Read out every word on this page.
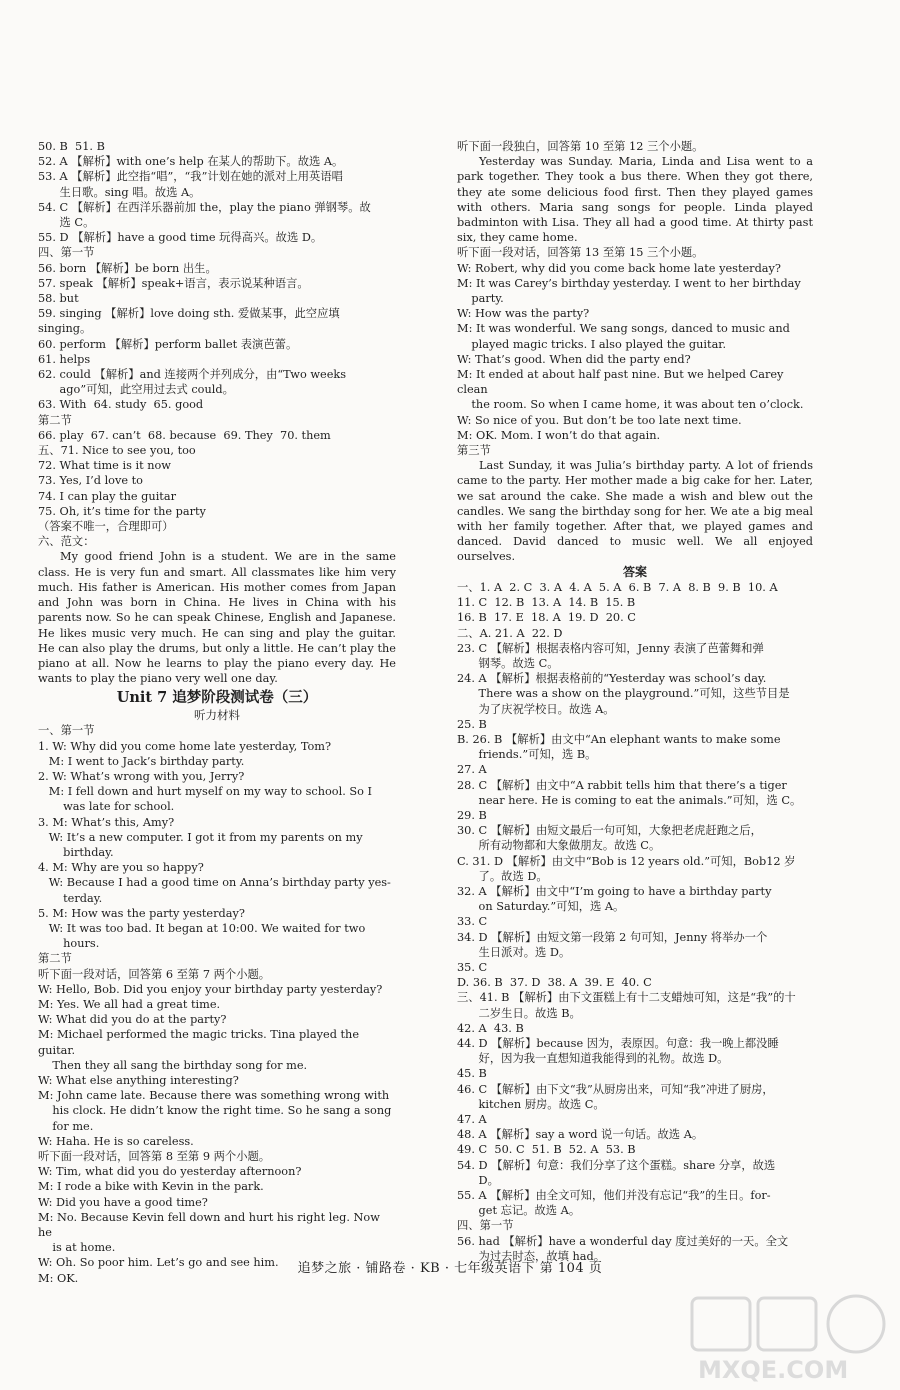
50. B  51. B
52. A 【解析】with one’s help 在某人的帮助下。故选 A。
53. A 【解析】此空指“唱”，“我”计划在她的派对上用英语唱
生日歌。sing 唱。故选 A。
54. C 【解析】在西洋乐器前加 the，play the piano 弹钢琴。故
选 C。
55. D 【解析】have a good time 玩得高兴。故选 D。
四、第一节
56. born 【解析】be born 出生。
57. speak 【解析】speak+语言，表示说某种语言。
58. but
59. singing 【解析】love doing sth. 爱做某事，此空应填 singing。
60. perform 【解析】perform ballet 表演芭蕾。
61. helps
62. could 【解析】and 连接两个并列成分，由“Two weeks
ago”可知，此空用过去式 could。
63. With  64. study  65. good
第二节
66. play  67. can’t  68. because  69. They  70. them
五、71. Nice to see you, too
72. What time is it now
73. Yes, I’d love to
74. I can play the guitar
75. Oh, it’s time for the party
（答案不唯一，合理即可）
六、范文：
My good friend John is a student. We are in the same class. He is very fun and smart. All classmates like him very much. His father is American. His mother comes from Japan and John was born in China. He lives in China with his parents now. So he can speak Chinese, English and Japanese. He likes music very much. He can sing and play the guitar. He can also play the drums, but only a little. He can’t play the piano at all. Now he learns to play the piano every day. He wants to play the piano very well one day.
Unit 7 追梦阶段测试卷（三）
听力材料
一、第一节
1. W: Why did you come home late yesterday, Tom?
M: I went to Jack’s birthday party.
2. W: What’s wrong with you, Jerry?
M: I fell down and hurt myself on my way to school. So I
was late for school.
3. M: What’s this, Amy?
W: It’s a new computer. I got it from my parents on my
birthday.
4. M: Why are you so happy?
W: Because I had a good time on Anna’s birthday party yes-
terday.
5. M: How was the party yesterday?
W: It was too bad. It began at 10:00. We waited for two
hours.
第二节
听下面一段对话，回答第 6 至第 7 两个小题。
W: Hello, Bob. Did you enjoy your birthday party yesterday?
M: Yes. We all had a great time.
W: What did you do at the party?
M: Michael performed the magic tricks. Tina played the guitar.
Then they all sang the birthday song for me.
W: What else anything interesting?
M: John came late. Because there was something wrong with
his clock. He didn’t know the right time. So he sang a song
for me.
W: Haha. He is so careless.
听下面一段对话，回答第 8 至第 9 两个小题。
W: Tim, what did you do yesterday afternoon?
M: I rode a bike with Kevin in the park.
W: Did you have a good time?
M: No. Because Kevin fell down and hurt his right leg. Now he
is at home.
W: Oh. So poor him. Let’s go and see him.
M: OK.
听下面一段独白，回答第 10 至第 12 三个小题。
Yesterday was Sunday. Maria, Linda and Lisa went to a park together. They took a bus there. When they got there, they ate some delicious food first. Then they played games with others. Maria sang songs for people. Linda played badminton with Lisa. They all had a good time. At thirty past six, they came home.
听下面一段对话，回答第 13 至第 15 三个小题。
W: Robert, why did you come back home late yesterday?
M: It was Carey’s birthday yesterday. I went to her birthday
party.
W: How was the party?
M: It was wonderful. We sang songs, danced to music and
played magic tricks. I also played the guitar.
W: That’s good. When did the party end?
M: It ended at about half past nine. But we helped Carey clean
the room. So when I came home, it was about ten o’clock.
W: So nice of you. But don’t be too late next time.
M: OK. Mom. I won’t do that again.
第三节
Last Sunday, it was Julia’s birthday party. A lot of friends came to the party. Her mother made a big cake for her. Later, we sat around the cake. She made a wish and blew out the candles. We sang the birthday song for her. We ate a big meal with her family together. After that, we played games and danced. David danced to music well. We all enjoyed ourselves.
答案
一、1. A  2. C  3. A  4. A  5. A  6. B  7. A  8. B  9. B  10. A
11. C  12. B  13. A  14. B  15. B
16. B  17. E  18. A  19. D  20. C
二、A. 21. A  22. D
23. C 【解析】根据表格内容可知，Jenny 表演了芭蕾舞和弹
钢琴。故选 C。
24. A 【解析】根据表格前的“Yesterday was school’s day.
There was a show on the playground.”可知，这些节目是
为了庆祝学校日。故选 A。
25. B
B. 26. B 【解析】由文中“An elephant wants to make some
friends.”可知，选 B。
27. A
28. C 【解析】由文中“A rabbit tells him that there’s a tiger
near here. He is coming to eat the animals.”可知，选 C。
29. B
30. C 【解析】由短文最后一句可知，大象把老虎赶跑之后，
所有动物都和大象做朋友。故选 C。
C. 31. D 【解析】由文中“Bob is 12 years old.”可知，Bob12 岁
了。故选 D。
32. A 【解析】由文中“I’m going to have a birthday party
on Saturday.”可知，选 A。
33. C
34. D 【解析】由短文第一段第 2 句可知，Jenny 将举办一个
生日派对。选 D。
35. C
D. 36. B  37. D  38. A  39. E  40. C
三、41. B 【解析】由下文蛋糕上有十二支蜡烛可知，这是“我”的十
二岁生日。故选 B。
42. A  43. B
44. D 【解析】because 因为，表原因。句意：我一晚上都没睡
好，因为我一直想知道我能得到的礼物。故选 D。
45. B
46. C 【解析】由下文“我”从厨房出来，可知“我”冲进了厨房，
kitchen 厨房。故选 C。
47. A
48. A 【解析】say a word 说一句话。故选 A。
49. C  50. C  51. B  52. A  53. B
54. D 【解析】句意：我们分享了这个蛋糕。share 分享，故选
D。
55. A 【解析】由全文可知，他们并没有忘记“我”的生日。for-
get 忘记。故选 A。
四、第一节
56. had 【解析】have a wonderful day 度过美好的一天。全文
为过去时态，故填 had。
追梦之旅 · 铺路卷 · KB · 七年级英语下 第 104 页
MXQE.COM
